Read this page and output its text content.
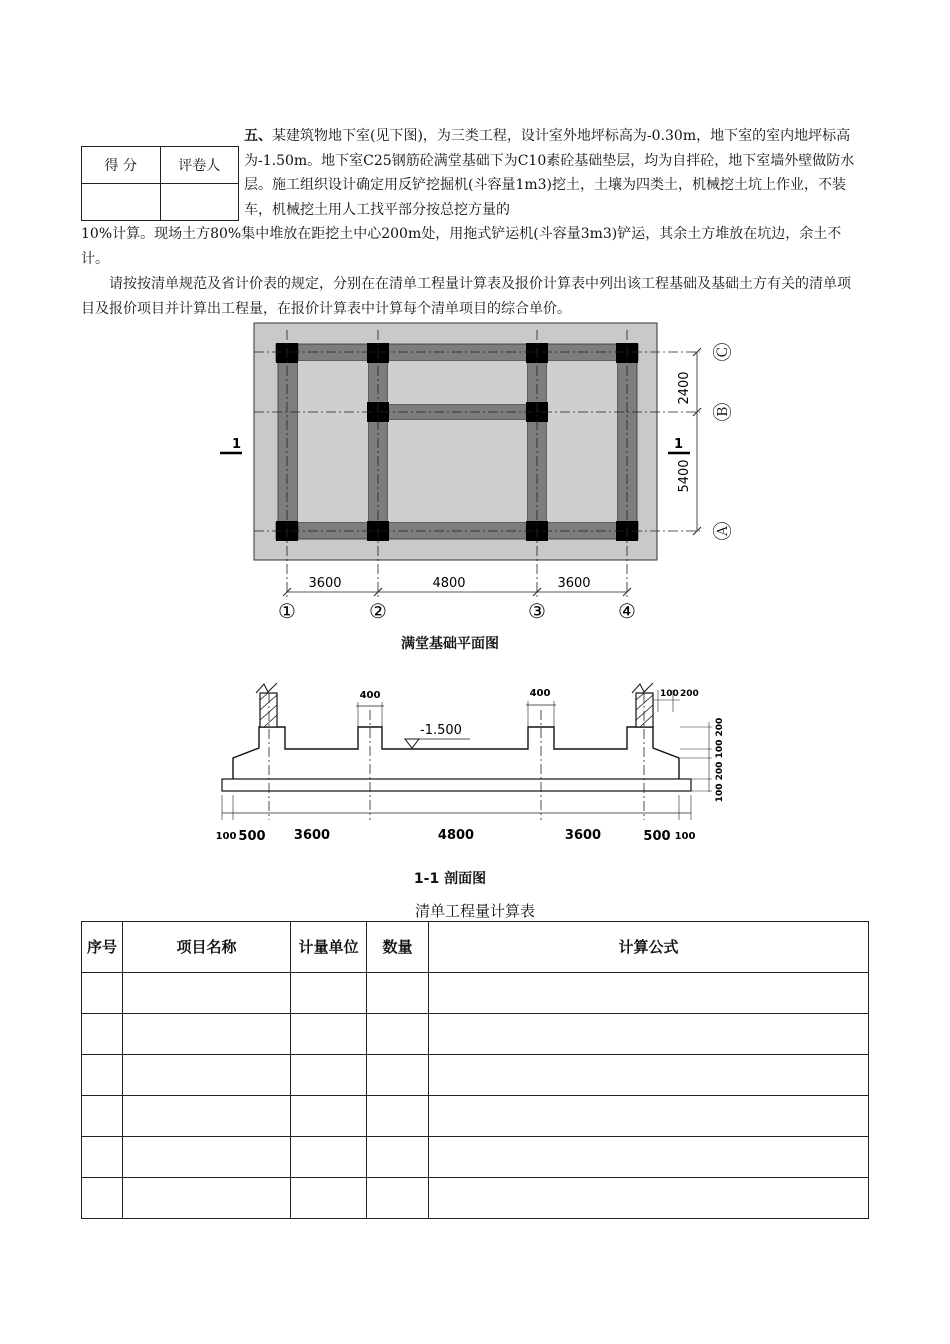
得 分	评卷人

五、某建筑物地下室(见下图)，为三类工程，设计室外地坪标高为-0.30m，地下室的室内地坪标高为-1.50m。地下室C25钢筋砼满堂基础下为C10素砼基础垫层，均为自拌砼，地下室墙外壁做防水层。施工组织设计确定用反铲挖掘机(斗容量1m3)挖土，土壤为四类土，机械挖土坑上作业，不装车，机械挖土用人工找平部分按总挖方量的

10%计算。现场土方80%集中堆放在距挖土中心200m处，用拖式铲运机(斗容量3m3)铲运，其余土方堆放在坑边，余土不计。

请按按清单规范及省计价表的规定，分别在在清单工程量计算表及报价计算表中列出该工程基础及基础土方有关的清单项目及报价项目并计算出工程量，在报价计算表中计算每个清单项目的综合单价。

3600	4800	3600
①	②	③	④
2400
5400
Ⓒ
Ⓑ
Ⓐ
1	1
满堂基础平面图
400	400
-1.500
100 200
100 200 100 200
100 500 3600	4800	3600	500 100
1-1 剖面图
清单工程量计算表
序号	项目名称	计量单位	数量	计算公式
